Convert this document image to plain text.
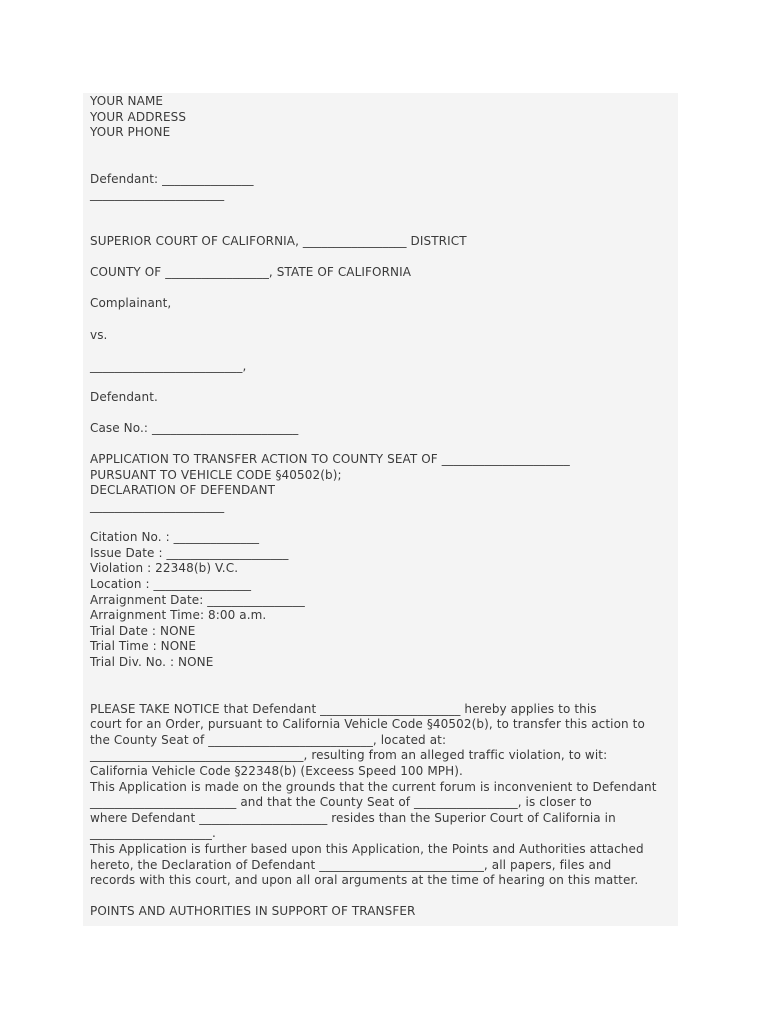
YOUR NAME
YOUR ADDRESS
YOUR PHONE
Defendant: _______________
______________________
SUPERIOR COURT OF CALIFORNIA, _________________ DISTRICT
COUNTY OF _________________, STATE OF CALIFORNIA
Complainant,
vs.
_________________________,
Defendant.
Case No.: ________________________
APPLICATION TO TRANSFER ACTION TO COUNTY SEAT OF _____________________
PURSUANT TO VEHICLE CODE §40502(b);
DECLARATION OF DEFENDANT
______________________
Citation No. : ______________
Issue Date : ____________________
Violation : 22348(b) V.C.
Location : ________________
Arraignment Date: ________________
Arraignment Time: 8:00 a.m.
Trial Date : NONE
Trial Time : NONE
Trial Div. No. : NONE
PLEASE TAKE NOTICE that Defendant _______________________ hereby applies to this
court for an Order, pursuant to California Vehicle Code §40502(b), to transfer this action to
the County Seat of ___________________________, located at:
___________________________________, resulting from an alleged traffic violation, to wit:
California Vehicle Code §22348(b) (Exceess Speed 100 MPH).
This Application is made on the grounds that the current forum is inconvenient to Defendant
________________________ and that the County Seat of _________________, is closer to
where Defendant _____________________ resides than the Superior Court of California in
____________________.
This Application is further based upon this Application, the Points and Authorities attached
hereto, the Declaration of Defendant ___________________________, all papers, files and
records with this court, and upon all oral arguments at the time of hearing on this matter.
POINTS AND AUTHORITIES IN SUPPORT OF TRANSFER
